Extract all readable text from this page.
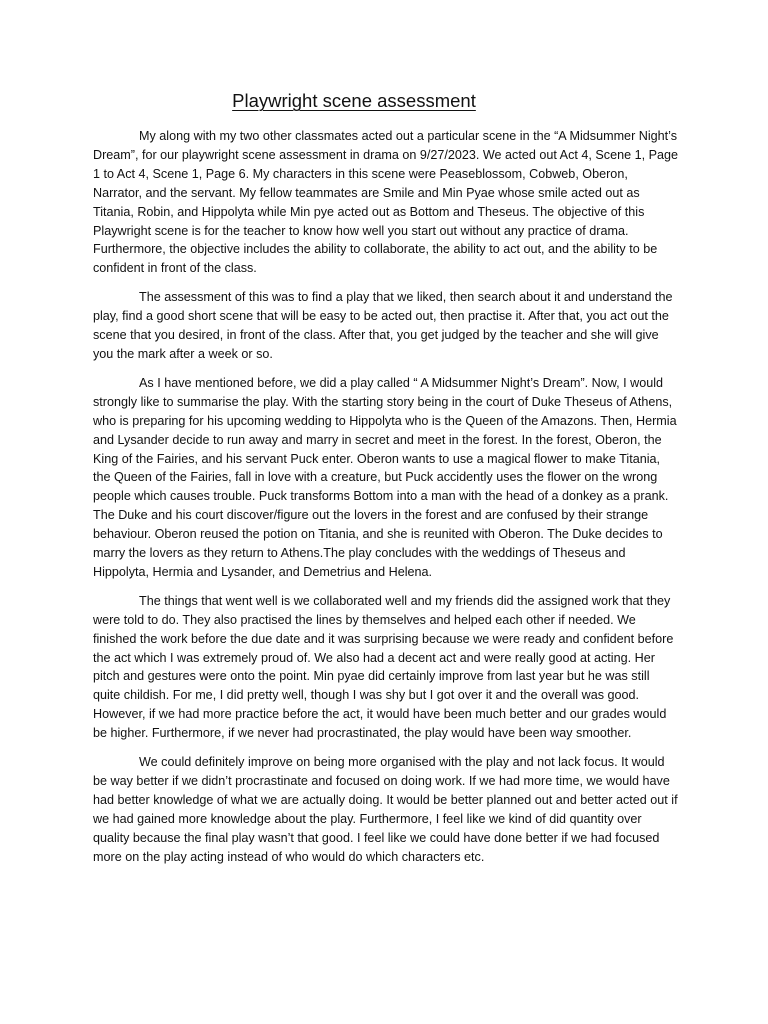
Playwright scene assessment

My along with my two other classmates acted out a particular scene in the “A Midsummer Night’s Dream”, for our playwright scene assessment in drama on 9/27/2023. We acted out Act 4, Scene 1, Page 1 to Act 4, Scene 1, Page 6. My characters in this scene were Peaseblossom, Cobweb, Oberon, Narrator, and the servant. My fellow teammates are Smile and Min Pyae whose smile acted out as Titania, Robin, and Hippolyta while Min pye acted out as Bottom and Theseus. The objective of this Playwright scene is for the teacher to know how well you start out without any practice of drama. Furthermore, the objective includes the ability to collaborate, the ability to act out, and the ability to be confident in front of the class.

The assessment of this was to find a play that we liked, then search about it and understand the play, find a good short scene that will be easy to be acted out, then practise it. After that, you act out the scene that you desired, in front of the class. After that, you get judged by the teacher and she will give you the mark after a week or so.

As I have mentioned before, we did a play called “ A Midsummer Night’s Dream”. Now, I would strongly like to summarise the play. With the starting story being in the court of Duke Theseus of Athens, who is preparing for his upcoming wedding to Hippolyta who is the Queen of the Amazons. Then, Hermia and Lysander decide to run away and marry in secret and meet in the forest. In the forest, Oberon, the King of the Fairies, and his servant Puck enter. Oberon wants to use a magical flower to make Titania, the Queen of the Fairies, fall in love with a creature, but Puck accidently uses the flower on the wrong people which causes trouble. Puck transforms Bottom into a man with the head of a donkey as a prank. The Duke and his court discover/figure out the lovers in the forest and are confused by their strange behaviour. Oberon reused the potion on Titania, and she is reunited with Oberon. The Duke decides to marry the lovers as they return to Athens.The play concludes with the weddings of Theseus and Hippolyta, Hermia and Lysander, and Demetrius and Helena.

The things that went well is we collaborated well and my friends did the assigned work that they were told to do. They also practised the lines by themselves and helped each other if needed. We finished the work before the due date and it was surprising because we were ready and confident before the act which I was extremely proud of. We also had a decent act and were really good at acting. Her pitch and gestures were onto the point. Min pyae did certainly improve from last year but he was still quite childish. For me, I did pretty well, though I was shy but I got over it and the overall was good. However, if we had more practice before the act, it would have been much better and our grades would be higher. Furthermore, if we never had procrastinated, the play would have been way smoother.

We could definitely improve on being more organised with the play and not lack focus. It would be way better if we didn’t procrastinate and focused on doing work. If we had more time, we would have had better knowledge of what we are actually doing. It would be better planned out and better acted out if we had gained more knowledge about the play. Furthermore, I feel like we kind of did quantity over quality because the final play wasn’t that good. I feel like we could have done better if we had focused more on the play acting instead of who would do which characters etc.
